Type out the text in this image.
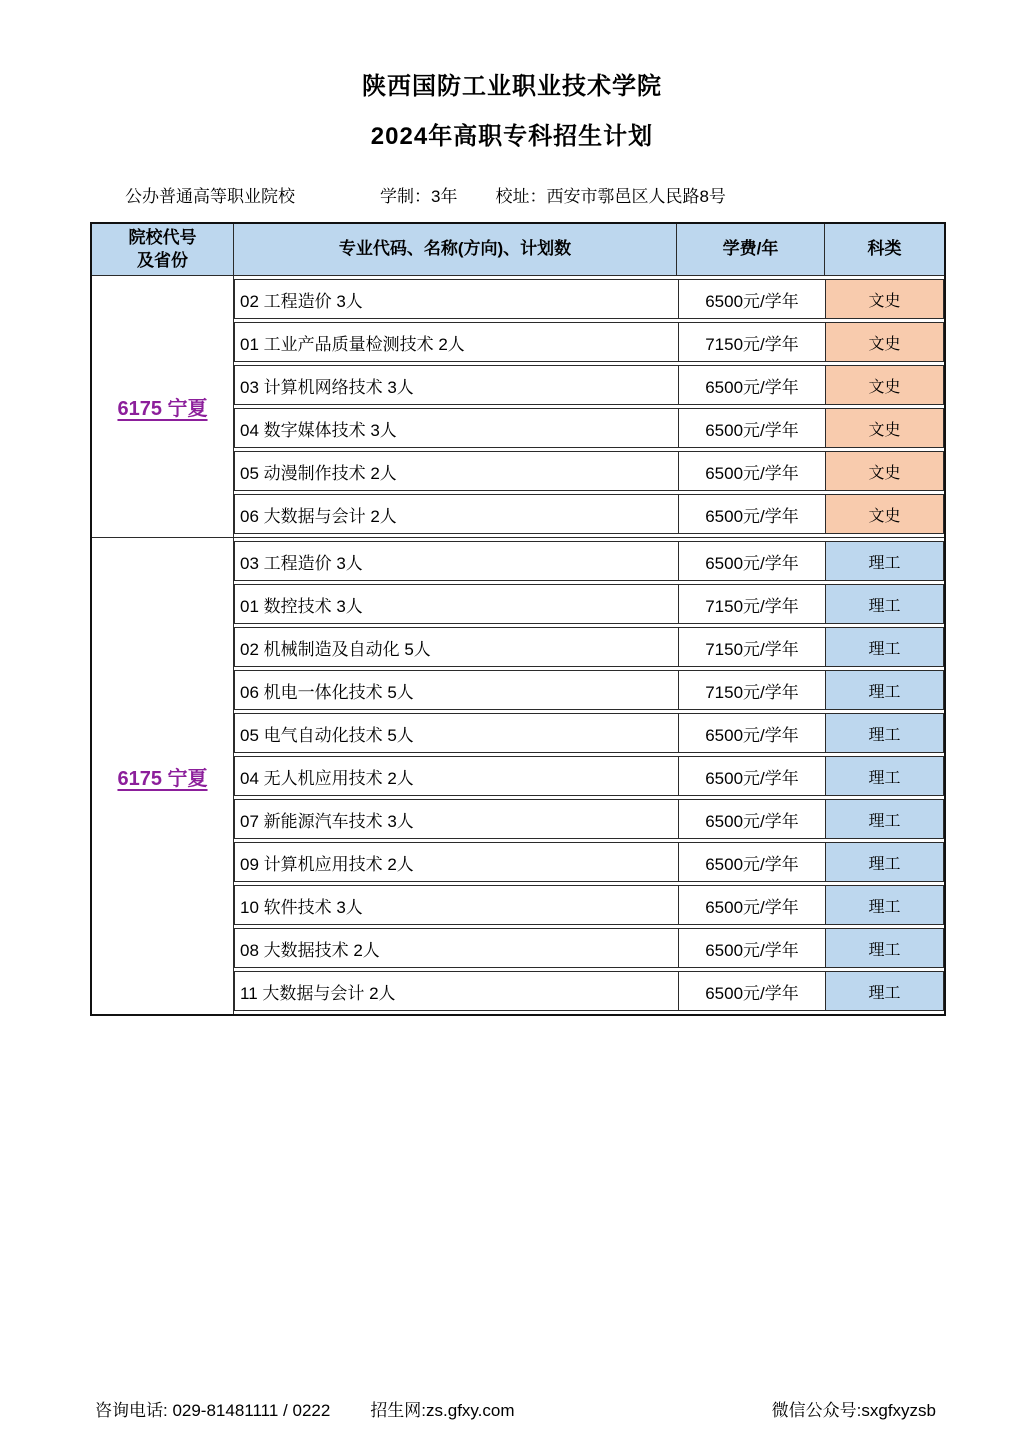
陕西国防工业职业技术学院
2024年高职专科招生计划
公办普通高等职业院校	学制：3年 校址：西安市鄠邑区人民路8号
院校代号
及省份
专业代码、名称(方向)、计划数	学费/年	科类
6175 宁夏
02 工程造价 3人	6500元/学年	文史
01 工业产品质量检测技术 2人	7150元/学年	文史
03 计算机网络技术 3人	6500元/学年	文史
04 数字媒体技术 3人	6500元/学年	文史
05 动漫制作技术 2人	6500元/学年	文史
06 大数据与会计 2人	6500元/学年	文史
6175 宁夏
03 工程造价 3人	6500元/学年	理工
01 数控技术 3人	7150元/学年	理工
02 机械制造及自动化 5人	7150元/学年	理工
06 机电一体化技术 5人	7150元/学年	理工
05 电气自动化技术 5人	6500元/学年	理工
04 无人机应用技术 2人	6500元/学年	理工
07 新能源汽车技术 3人	6500元/学年	理工
09 计算机应用技术 2人	6500元/学年	理工
10 软件技术 3人	6500元/学年	理工
08 大数据技术 2人	6500元/学年	理工
11 大数据与会计 2人	6500元/学年	理工
咨询电话: 029-81481111 / 0222 招生网:zs.gfxy.com	微信公众号:sxgfxyzsb
